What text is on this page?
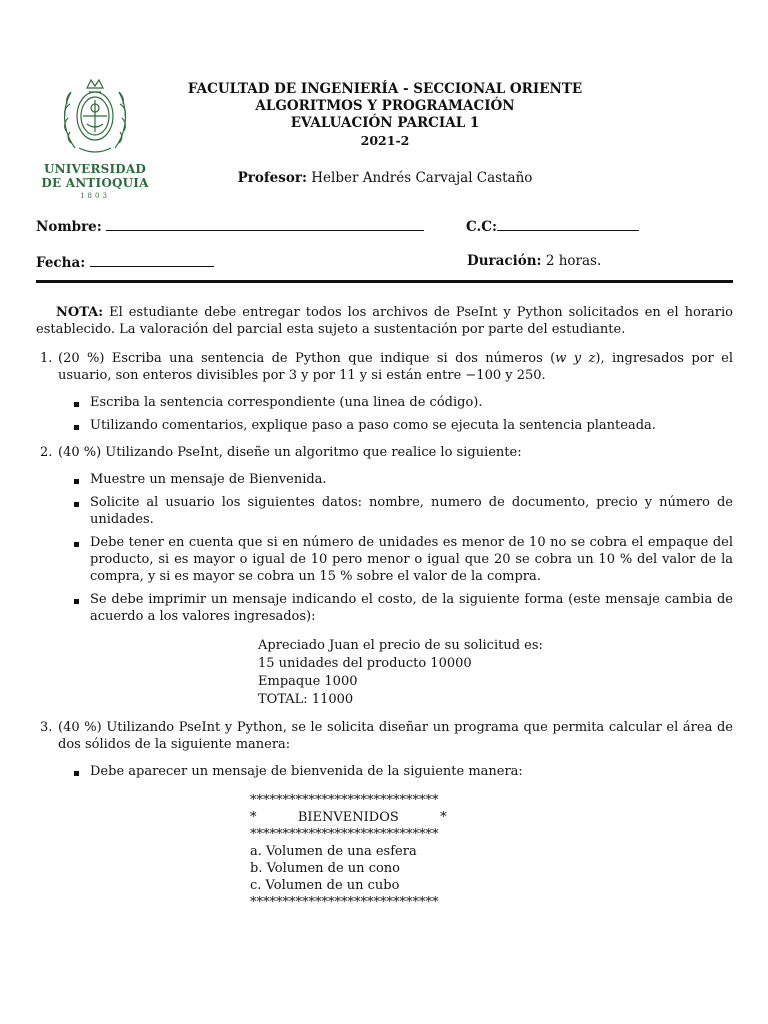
UNIVERSIDAD
DE ANTIOQUIA
1803
FACULTAD DE INGENIERÍA - SECCIONAL ORIENTE
ALGORITMOS Y PROGRAMACIÓN
EVALUACIÓN PARCIAL 1
2021-2
Profesor: Helber Andrés Carvajal Castaño
Nombre:	C.C:
Fecha:	Duración: 2 horas.

NOTA: El estudiante debe entregar todos los archivos de PseInt y Python solicitados en el horario establecido. La valoración del parcial esta sujeto a sustentación por parte del estudiante.

1. (20 %) Escriba una sentencia de Python que indique si dos números (w y z), ingresados por el usuario, son enteros divisibles por 3 y por 11 y si están entre −100 y 250.
Escriba la sentencia correspondiente (una linea de código).
Utilizando comentarios, explique paso a paso como se ejecuta la sentencia planteada.
2. (40 %) Utilizando PseInt, diseñe un algoritmo que realice lo siguiente:
Muestre un mensaje de Bienvenida.
Solicite al usuario los siguientes datos: nombre, numero de documento, precio y número de unidades.
Debe tener en cuenta que si en número de unidades es menor de 10 no se cobra el empaque del producto, si es mayor o igual de 10 pero menor o igual que 20 se cobra un 10 % del valor de la compra, y si es mayor se cobra un 15 % sobre el valor de la compra.
Se debe imprimir un mensaje indicando el costo, de la siguiente forma (este mensaje cambia de acuerdo a los valores ingresados):
Apreciado Juan el precio de su solicitud es:
15 unidades del producto 10000
Empaque 1000
TOTAL: 11000
3. (40 %) Utilizando PseInt y Python, se le solicita diseñar un programa que permita calcular el área de dos sólidos de la siguiente manera:
Debe aparecer un mensaje de bienvenida de la siguiente manera:
*****************************
*          BIENVENIDOS          *
*****************************
a. Volumen de una esfera
b. Volumen de un cono
c. Volumen de un cubo
*****************************
